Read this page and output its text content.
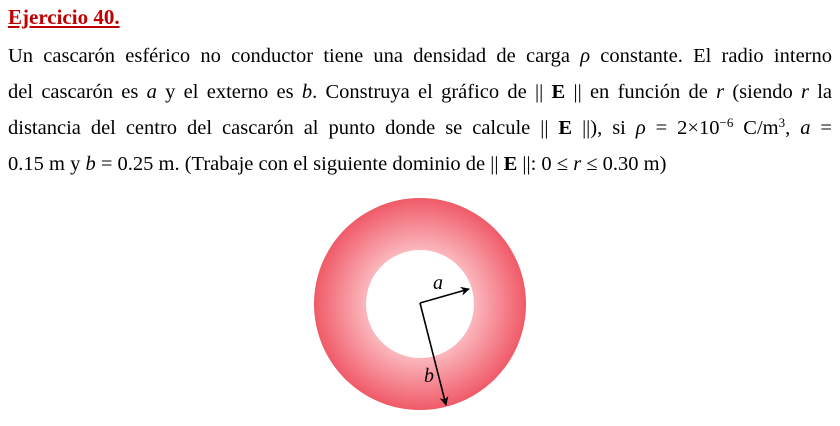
Ejercicio 40.
Un cascarón esférico no conductor tiene una densidad de carga ρ constante. El radio interno
del cascarón es a y el externo es b. Construya el gráfico de || E || en función de r (siendo r la
distancia del centro del cascarón al punto donde se calcule || E ||), si $\rho = 2\times 10^{-6}$ $C/m^3$, a =
0.15 m y b = 0.25 m. (Trabaje con el siguiente dominio de || E ||: 0 ≤ r ≤ 0.30 m)
a
b
